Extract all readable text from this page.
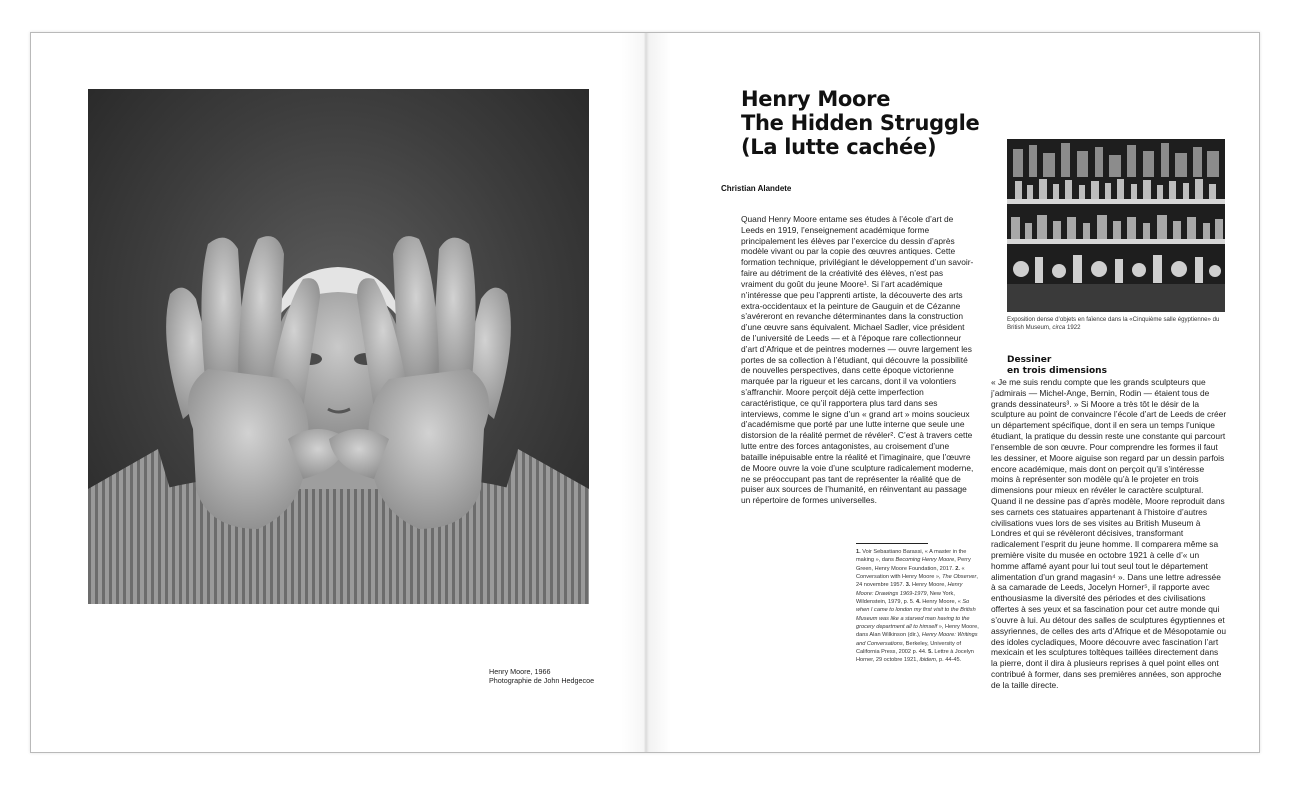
Henry Moore, 1966
Photographie de John Hedgecoe
Henry Moore
The Hidden Struggle
(La lutte cachée)
Christian Alandete

Quand Henry Moore entame ses études à l’école d’art de Leeds en 1919, l’enseignement académique forme principalement les élèves par l’exercice du dessin d’après modèle vivant ou par la copie des œuvres antiques. Cette formation technique, privilégiant le développement d’un savoir-faire au détriment de la créativité des élèves, n’est pas vraiment du goût du jeune Moore¹. Si l’art académique n’intéresse que peu l’apprenti artiste, la découverte des arts extra-occidentaux et la peinture de Gauguin et de Cézanne s’avéreront en revanche déterminantes dans la construction d’une œuvre sans équivalent. Michael Sadler, vice président de l’université de Leeds — et à l’époque rare collectionneur d’art d’Afrique et de peintres modernes — ouvre largement les portes de sa collection à l’étudiant, qui découvre la possibilité de nouvelles perspectives, dans cette époque victorienne marquée par la rigueur et les carcans, dont il va volontiers s’affranchir. Moore perçoit déjà cette imperfection caractéristique, ce qu’il rapportera plus tard dans ses interviews, comme le signe d’un « grand art » moins soucieux d’académisme que porté par une lutte interne que seule une distorsion de la réalité permet de révéler². C’est à travers cette lutte entre des forces antagonistes, au croisement d’une bataille inépuisable entre la réalité et l’imaginaire, que l’œuvre de Moore ouvre la voie d’une sculpture radicalement moderne, ne se préoccupant pas tant de représenter la réalité que de puiser aux sources de l’humanité, en réinventant au passage un répertoire de formes universelles.

1. Voir Sebastiano Barassi, « A master in the making », dans Becoming Henry Moore, Perry Green, Henry Moore Foundation, 2017. 2. « Conversation with Henry Moore », The Observer, 24 novembre 1957. 3. Henry Moore, Henry Moore: Drawings 1969-1979, New York, Wildenstein, 1979, p. 5. 4. Henry Moore, « So when I came to london my first visit to the British Museum was like a starved man having to the grocery department all to himself », Henry Moore, dans Alan Wilkinson (dir.), Henry Moore: Writings and Conversations, Berkeley, University of California Press, 2002 p. 44. 5. Lettre à Jocelyn Horner, 29 octobre 1921, ibidem, p. 44-45.

Exposition dense d’objets en faïence dans la «Cinquième salle égyptienne» du British Museum, circa 1922
Dessiner
en trois dimensions

« Je me suis rendu compte que les grands sculpteurs que j’admirais — Michel-Ange, Bernin, Rodin — étaient tous de grands dessinateurs³. » Si Moore a très tôt le désir de la sculpture au point de convaincre l’école d’art de Leeds de créer un département spécifique, dont il en sera un temps l’unique étudiant, la pratique du dessin reste une constante qui parcourt l’ensemble de son œuvre. Pour comprendre les formes il faut les dessiner, et Moore aiguise son regard par un dessin parfois encore académique, mais dont on perçoit qu’il s’intéresse moins à représenter son modèle qu’à le projeter en trois dimensions pour mieux en révéler le caractère sculptural. Quand il ne dessine pas d’après modèle, Moore reproduit dans ses carnets ces statuaires appartenant à l’histoire d’autres civilisations vues lors de ses visites au British Museum à Londres et qui se révèleront décisives, transformant radicalement l’esprit du jeune homme. Il comparera même sa première visite du musée en octobre 1921 à celle d’« un homme affamé ayant pour lui tout seul tout le département alimentation d’un grand magasin⁴ ». Dans une lettre adressée à sa camarade de Leeds, Jocelyn Horner⁵, il rapporte avec enthousiasme la diversité des périodes et des civilisations offertes à ses yeux et sa fascination pour cet autre monde qui s’ouvre à lui. Au détour des salles de sculptures égyptiennes et assyriennes, de celles des arts d’Afrique et de Mésopotamie ou des idoles cycladiques, Moore découvre avec fascination l’art mexicain et les sculptures toltèques taillées directement dans la pierre, dont il dira à plusieurs reprises à quel point elles ont contribué à former, dans ses premières années, son approche de la taille directe.
